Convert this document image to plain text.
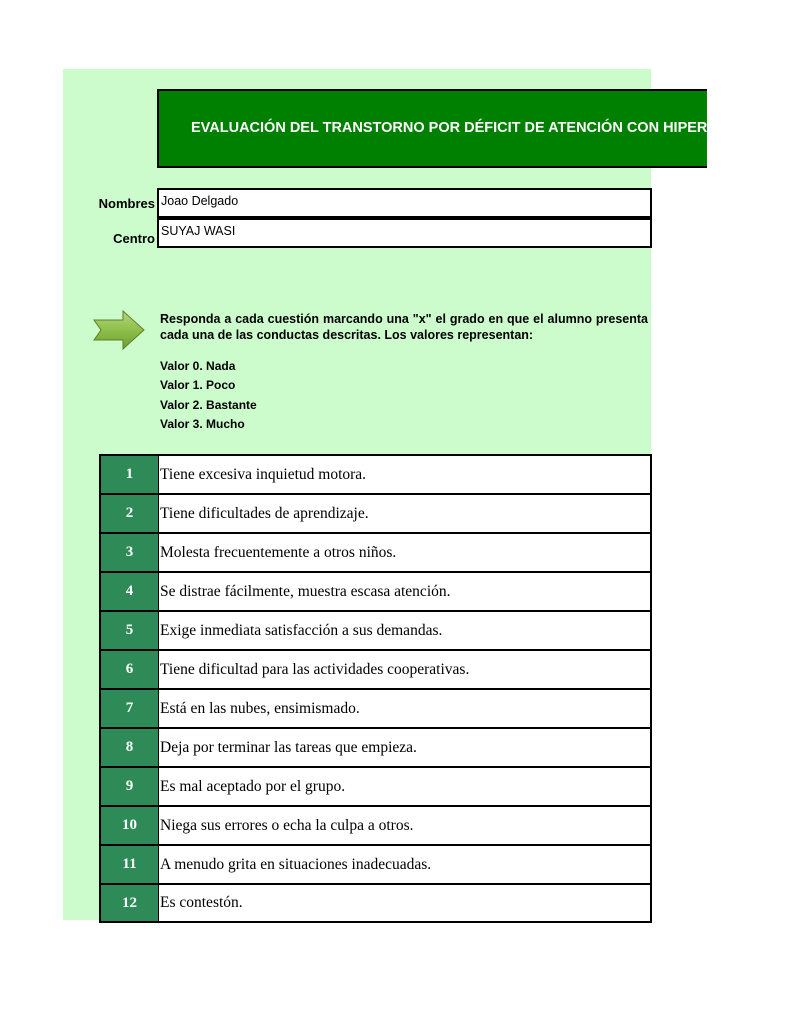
EVALUACIÓN DEL TRANSTORNO POR DÉFICIT DE ATENCIÓN CON HIPERACTIVIDAD
Nombres Joao Delgado
Centro SUYAJ WASI
Responda a cada cuestión marcando una "x" el grado en que el alumno presenta cada una de las conductas descritas. Los valores representan:
Valor 0. Nada
Valor 1. Poco
Valor 2. Bastante
Valor 3. Mucho
1	Tiene excesiva inquietud motora.
2	Tiene dificultades de aprendizaje.
3	Molesta frecuentemente a otros niños.
4	Se distrae fácilmente, muestra escasa atención.
5	Exige inmediata satisfacción a sus demandas.
6	Tiene dificultad para las actividades cooperativas.
7	Está en las nubes, ensimismado.
8	Deja por terminar las tareas que empieza.
9	Es mal aceptado por el grupo.
10	Niega sus errores o echa la culpa a otros.
11	A menudo grita en situaciones inadecuadas.
12	Es contestón.
